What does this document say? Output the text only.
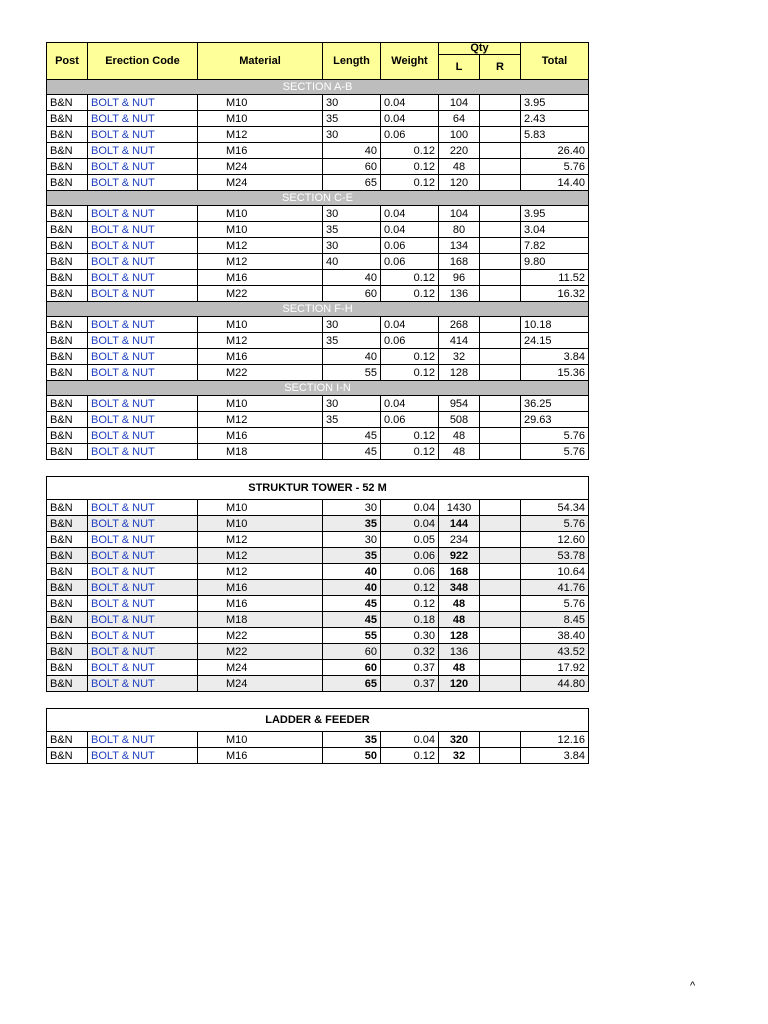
Post	Erection Code	Material	Length	Weight	Qty		Total
					L	R	
SECTION A-B							
B&N	BOLT & NUT	M10	30	0.04	104		3.95
B&N	BOLT & NUT	M10	35	0.04	64		2.43
B&N	BOLT & NUT	M12	30	0.06	100		5.83
B&N	BOLT & NUT	M16	40	0.12	220		26.40
B&N	BOLT & NUT	M24	60	0.12	48		5.76
B&N	BOLT & NUT	M24	65	0.12	120		14.40
SECTION C-E							
B&N	BOLT & NUT	M10	30	0.04	104		3.95
B&N	BOLT & NUT	M10	35	0.04	80		3.04
B&N	BOLT & NUT	M12	30	0.06	134		7.82
B&N	BOLT & NUT	M12	40	0.06	168		9.80
B&N	BOLT & NUT	M16	40	0.12	96		11.52
B&N	BOLT & NUT	M22	60	0.12	136		16.32
SECTION F-H							
B&N	BOLT & NUT	M10	30	0.04	268		10.18
B&N	BOLT & NUT	M12	35	0.06	414		24.15
B&N	BOLT & NUT	M16	40	0.12	32		3.84
B&N	BOLT & NUT	M22	55	0.12	128		15.36
SECTION I-N							
B&N	BOLT & NUT	M10	30	0.04	954		36.25
B&N	BOLT & NUT	M12	35	0.06	508		29.63
B&N	BOLT & NUT	M16	45	0.12	48		5.76
B&N	BOLT & NUT	M18	45	0.12	48		5.76
STRUKTUR TOWER - 52 M							
B&N	BOLT & NUT	M10	30	0.04	1430		54.34
B&N	BOLT & NUT	M10	35	0.04	144		5.76
B&N	BOLT & NUT	M12	30	0.05	234		12.60
B&N	BOLT & NUT	M12	35	0.06	922		53.78
B&N	BOLT & NUT	M12	40	0.06	168		10.64
B&N	BOLT & NUT	M16	40	0.12	348		41.76
B&N	BOLT & NUT	M16	45	0.12	48		5.76
B&N	BOLT & NUT	M18	45	0.18	48		8.45
B&N	BOLT & NUT	M22	55	0.30	128		38.40
B&N	BOLT & NUT	M22	60	0.32	136		43.52
B&N	BOLT & NUT	M24	60	0.37	48		17.92
B&N	BOLT & NUT	M24	65	0.37	120		44.80
LADDER & FEEDER							
B&N	BOLT & NUT	M10	35	0.04	320		12.16
B&N	BOLT & NUT	M16	50	0.12	32		3.84
^
